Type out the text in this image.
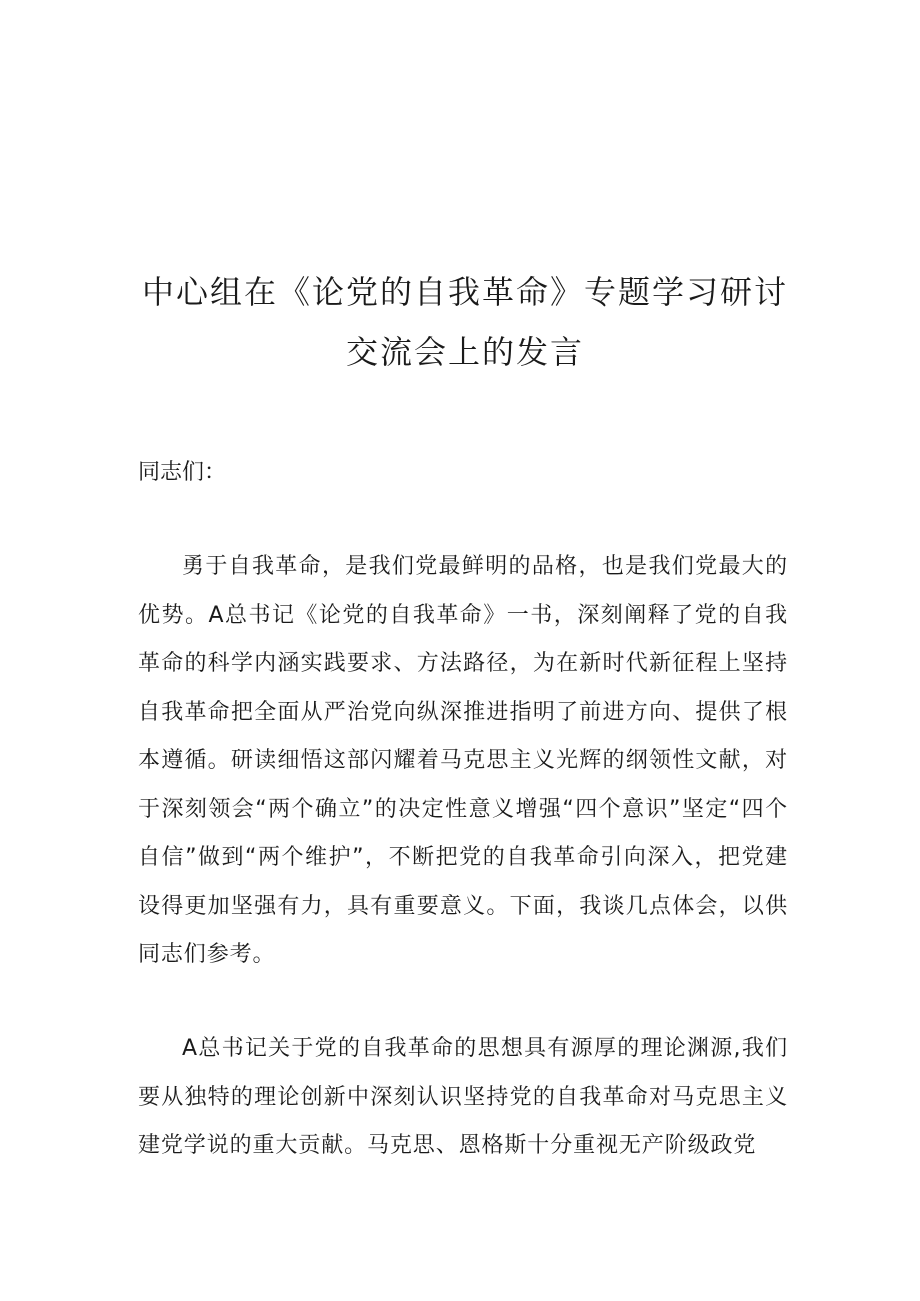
中心组在《论党的自我革命》专题学习研讨
交流会上的发言

同志们：

勇于自我革命，是我们党最鲜明的品格，也是我们党最大的优势。A总书记《论党的自我革命》一书，深刻阐释了党的自我革命的科学内涵实践要求、方法路径，为在新时代新征程上坚持自我革命把全面从严治党向纵深推进指明了前进方向、提供了根本遵循。研读细悟这部闪耀着马克思主义光辉的纲领性文献，对于深刻领会“两个确立”的决定性意义增强“四个意识”坚定“四个自信”做到“两个维护”，不断把党的自我革命引向深入，把党建设得更加坚强有力，具有重要意义。下面，我谈几点体会，以供同志们参考。

A总书记关于党的自我革命的思想具有源厚的理论渊源,我们要从独特的理论创新中深刻认识坚持党的自我革命对马克思主义建党学说的重大贡献。马克思、恩格斯十分重视无产阶级政党
